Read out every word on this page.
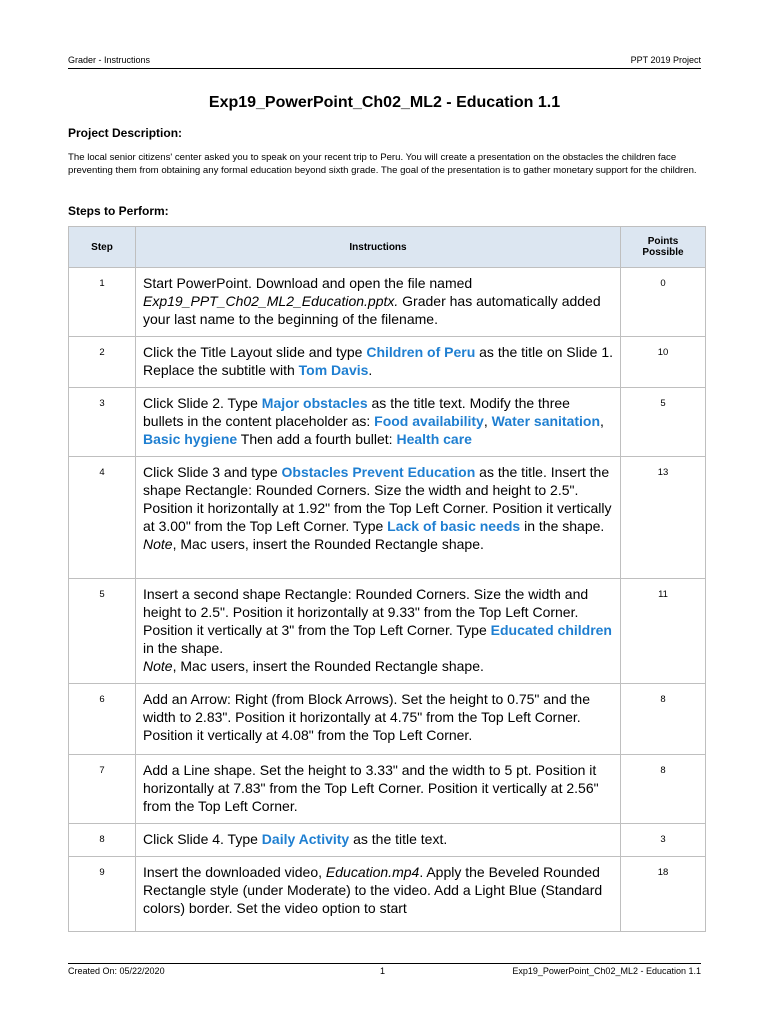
Grader - Instructions	PPT 2019 Project
Exp19_PowerPoint_Ch02_ML2 - Education 1.1
Project Description:
The local senior citizens' center asked you to speak on your recent trip to Peru. You will create a presentation on the obstacles the children face preventing them from obtaining any formal education beyond sixth grade. The goal of the presentation is to gather monetary support for the children.
Steps to Perform:
Step	Instructions	Points
Possible
1	Start PowerPoint. Download and open the file named Exp19_PPT_Ch02_ML2_Education.pptx. Grader has automatically added your last name to the beginning of the filename.	0
2	Click the Title Layout slide and type Children of Peru as the title on Slide 1. Replace the subtitle with Tom Davis.	10
3	Click Slide 2. Type Major obstacles as the title text. Modify the three bullets in the content placeholder as: Food availability, Water sanitation, Basic hygiene Then add a fourth bullet: Health care	5
4	Click Slide 3 and type Obstacles Prevent Education as the title. Insert the shape Rectangle: Rounded Corners. Size the width and height to 2.5". Position it horizontally at 1.92" from the Top Left Corner. Position it vertically at 3.00" from the Top Left Corner. Type Lack of basic needs in the shape.
Note, Mac users, insert the Rounded Rectangle shape.	13
5	Insert a second shape Rectangle: Rounded Corners. Size the width and height to 2.5". Position it horizontally at 9.33" from the Top Left Corner. Position it vertically at 3" from the Top Left Corner. Type Educated children in the shape.
Note, Mac users, insert the Rounded Rectangle shape.	11
6	Add an Arrow: Right (from Block Arrows). Set the height to 0.75" and the width to 2.83". Position it horizontally at 4.75" from the Top Left Corner. Position it vertically at 4.08" from the Top Left Corner.	8
7	Add a Line shape. Set the height to 3.33" and the width to 5 pt. Position it horizontally at 7.83" from the Top Left Corner. Position it vertically at 2.56" from the Top Left Corner.	8
8	Click Slide 4. Type Daily Activity as the title text.	3
9	Insert the downloaded video, Education.mp4. Apply the Beveled Rounded Rectangle style (under Moderate) to the video. Add a Light Blue (Standard colors) border. Set the video option to start	18
Created On: 05/22/2020	1	Exp19_PowerPoint_Ch02_ML2 - Education 1.1
